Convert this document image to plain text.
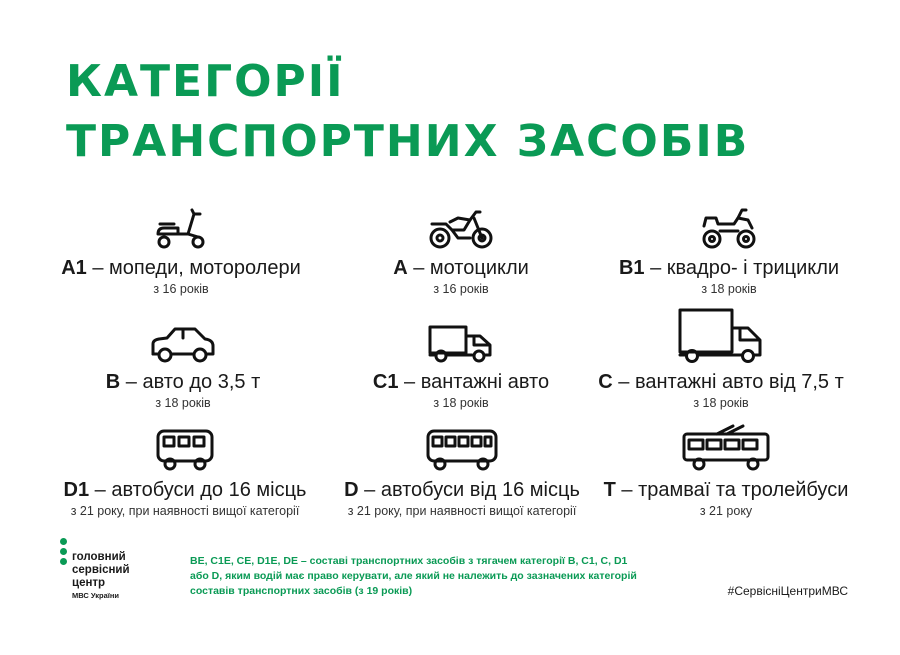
КАТЕГОРІЇ
ТРАНСПОРТНИХ ЗАСОБІВ
A1 – мопеди, моторолери
з 16 років
A – мотоцикли
з 16 років
B1 – квадро- і трицикли
з 18 років
B – авто до 3,5 т
з 18 років
C1 – вантажні авто
з 18 років
C – вантажні авто від 7,5 т
з 18 років
D1 – автобуси до 16 місць
з 21 року, при наявності вищої категорії
D – автобуси від 16 місць
з 21 року, при наявності вищої категорії
T – трамваї та тролейбуси
з 21 року
головний
сервісний
центр
МВС України
ВЕ, С1Е, СЕ, D1E, DE – составі транспортних засобів з тягачем категорії B, C1, C, D1
або D, яким водій має право керувати, але який не належить до зазначених категорій
составів транспортних засобів (з 19 років)	#СервісніЦентриМВС
